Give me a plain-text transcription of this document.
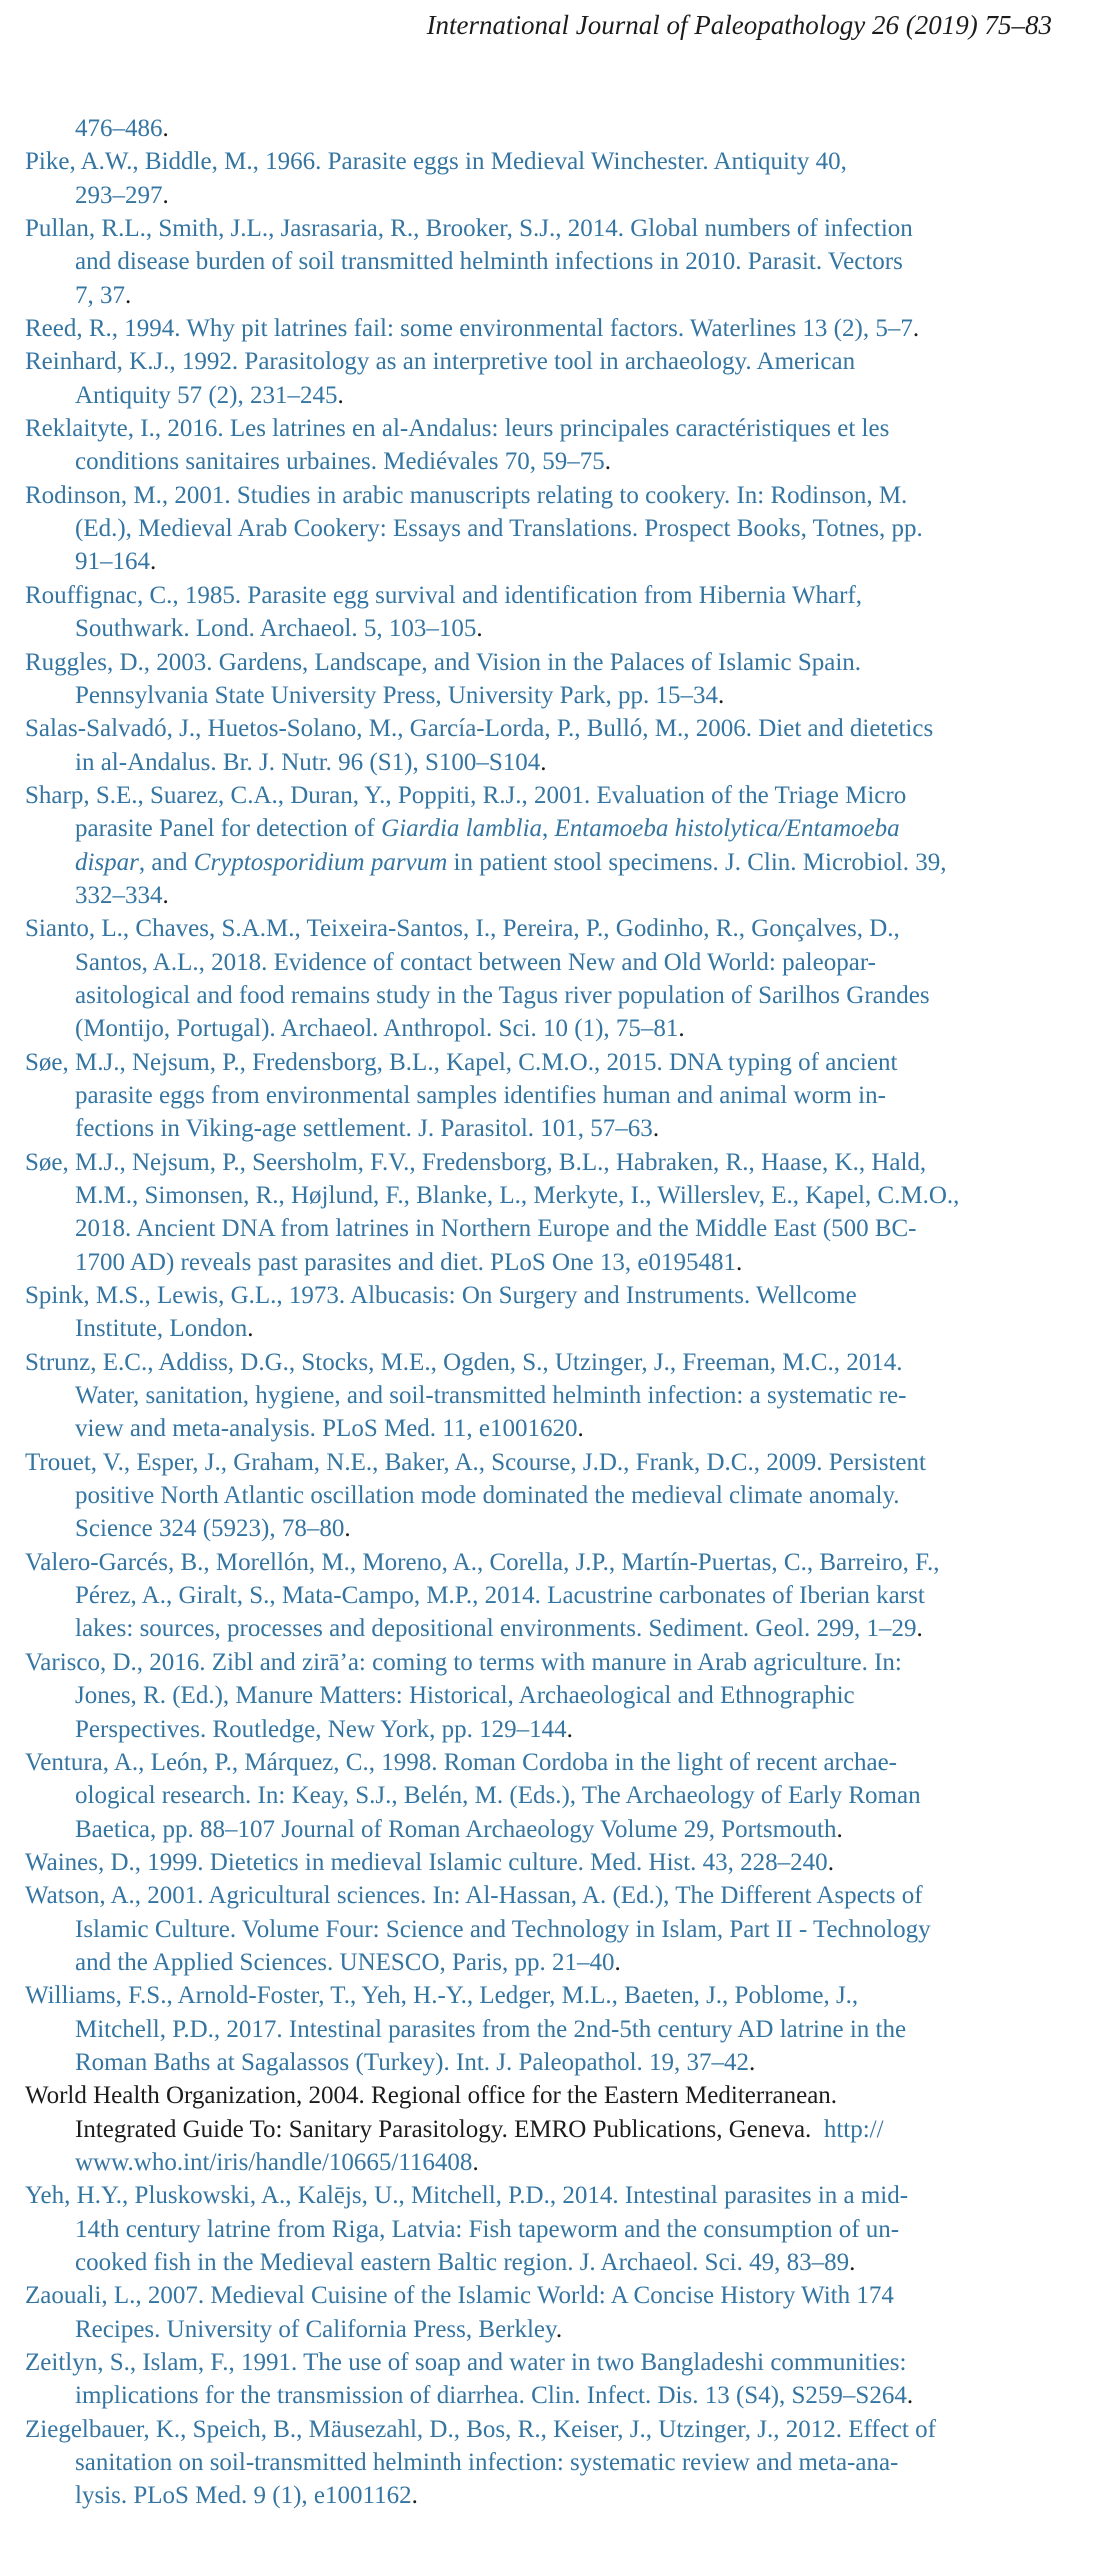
International Journal of Paleopathology 26 (2019) 75–83
476–486.
Pike, A.W., Biddle, M., 1966. Parasite eggs in Medieval Winchester. Antiquity 40,
293–297.
Pullan, R.L., Smith, J.L., Jasrasaria, R., Brooker, S.J., 2014. Global numbers of infection
and disease burden of soil transmitted helminth infections in 2010. Parasit. Vectors
7, 37.
Reed, R., 1994. Why pit latrines fail: some environmental factors. Waterlines 13 (2), 5–7.
Reinhard, K.J., 1992. Parasitology as an interpretive tool in archaeology. American
Antiquity 57 (2), 231–245.
Reklaityte, I., 2016. Les latrines en al-Andalus: leurs principales caractéristiques et les
conditions sanitaires urbaines. Mediévales 70, 59–75.
Rodinson, M., 2001. Studies in arabic manuscripts relating to cookery. In: Rodinson, M.
(Ed.), Medieval Arab Cookery: Essays and Translations. Prospect Books, Totnes, pp.
91–164.
Rouffignac, C., 1985. Parasite egg survival and identification from Hibernia Wharf,
Southwark. Lond. Archaeol. 5, 103–105.
Ruggles, D., 2003. Gardens, Landscape, and Vision in the Palaces of Islamic Spain.
Pennsylvania State University Press, University Park, pp. 15–34.
Salas-Salvadó, J., Huetos-Solano, M., García-Lorda, P., Bulló, M., 2006. Diet and dietetics
in al-Andalus. Br. J. Nutr. 96 (S1), S100–S104.
Sharp, S.E., Suarez, C.A., Duran, Y., Poppiti, R.J., 2001. Evaluation of the Triage Micro
parasite Panel for detection of Giardia lamblia, Entamoeba histolytica/Entamoeba
dispar, and Cryptosporidium parvum in patient stool specimens. J. Clin. Microbiol. 39,
332–334.
Sianto, L., Chaves, S.A.M., Teixeira-Santos, I., Pereira, P., Godinho, R., Gonçalves, D.,
Santos, A.L., 2018. Evidence of contact between New and Old World: paleopar-
asitological and food remains study in the Tagus river population of Sarilhos Grandes
(Montijo, Portugal). Archaeol. Anthropol. Sci. 10 (1), 75–81.
Søe, M.J., Nejsum, P., Fredensborg, B.L., Kapel, C.M.O., 2015. DNA typing of ancient
parasite eggs from environmental samples identifies human and animal worm in-
fections in Viking-age settlement. J. Parasitol. 101, 57–63.
Søe, M.J., Nejsum, P., Seersholm, F.V., Fredensborg, B.L., Habraken, R., Haase, K., Hald,
M.M., Simonsen, R., Højlund, F., Blanke, L., Merkyte, I., Willerslev, E., Kapel, C.M.O.,
2018. Ancient DNA from latrines in Northern Europe and the Middle East (500 BC-
1700 AD) reveals past parasites and diet. PLoS One 13, e0195481.
Spink, M.S., Lewis, G.L., 1973. Albucasis: On Surgery and Instruments. Wellcome
Institute, London.
Strunz, E.C., Addiss, D.G., Stocks, M.E., Ogden, S., Utzinger, J., Freeman, M.C., 2014.
Water, sanitation, hygiene, and soil-transmitted helminth infection: a systematic re-
view and meta-analysis. PLoS Med. 11, e1001620.
Trouet, V., Esper, J., Graham, N.E., Baker, A., Scourse, J.D., Frank, D.C., 2009. Persistent
positive North Atlantic oscillation mode dominated the medieval climate anomaly.
Science 324 (5923), 78–80.
Valero-Garcés, B., Morellón, M., Moreno, A., Corella, J.P., Martín-Puertas, C., Barreiro, F.,
Pérez, A., Giralt, S., Mata-Campo, M.P., 2014. Lacustrine carbonates of Iberian karst
lakes: sources, processes and depositional environments. Sediment. Geol. 299, 1–29.
Varisco, D., 2016. Zibl and zirā’a: coming to terms with manure in Arab agriculture. In:
Jones, R. (Ed.), Manure Matters: Historical, Archaeological and Ethnographic
Perspectives. Routledge, New York, pp. 129–144.
Ventura, A., León, P., Márquez, C., 1998. Roman Cordoba in the light of recent archae-
ological research. In: Keay, S.J., Belén, M. (Eds.), The Archaeology of Early Roman
Baetica, pp. 88–107 Journal of Roman Archaeology Volume 29, Portsmouth.
Waines, D., 1999. Dietetics in medieval Islamic culture. Med. Hist. 43, 228–240.
Watson, A., 2001. Agricultural sciences. In: Al-Hassan, A. (Ed.), The Different Aspects of
Islamic Culture. Volume Four: Science and Technology in Islam, Part II - Technology
and the Applied Sciences. UNESCO, Paris, pp. 21–40.
Williams, F.S., Arnold-Foster, T., Yeh, H.-Y., Ledger, M.L., Baeten, J., Poblome, J.,
Mitchell, P.D., 2017. Intestinal parasites from the 2nd-5th century AD latrine in the
Roman Baths at Sagalassos (Turkey). Int. J. Paleopathol. 19, 37–42.
World Health Organization, 2004. Regional office for the Eastern Mediterranean.
Integrated Guide To: Sanitary Parasitology. EMRO Publications, Geneva.  http://
www.who.int/iris/handle/10665/116408.
Yeh, H.Y., Pluskowski, A., Kalējs, U., Mitchell, P.D., 2014. Intestinal parasites in a mid-
14th century latrine from Riga, Latvia: Fish tapeworm and the consumption of un-
cooked fish in the Medieval eastern Baltic region. J. Archaeol. Sci. 49, 83–89.
Zaouali, L., 2007. Medieval Cuisine of the Islamic World: A Concise History With 174
Recipes. University of California Press, Berkley.
Zeitlyn, S., Islam, F., 1991. The use of soap and water in two Bangladeshi communities:
implications for the transmission of diarrhea. Clin. Infect. Dis. 13 (S4), S259–S264.
Ziegelbauer, K., Speich, B., Mäusezahl, D., Bos, R., Keiser, J., Utzinger, J., 2012. Effect of
sanitation on soil-transmitted helminth infection: systematic review and meta-ana-
lysis. PLoS Med. 9 (1), e1001162.
